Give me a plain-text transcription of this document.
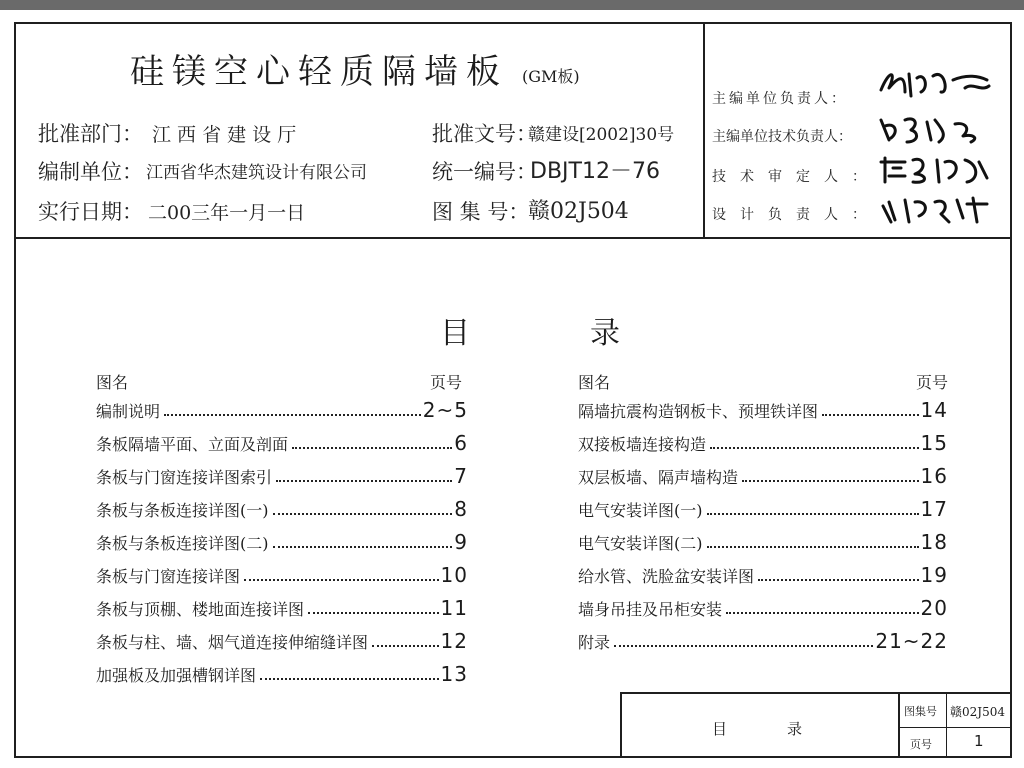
硅镁空心轻质隔墙板 (GM板)
批准部门： 江 西 省 建 设 厅
编制单位： 江西省华杰建筑设计有限公司
实行日期： 二00三年一月一日
批准文号：
赣建设[2002]30号
统一编号：
DBJT12－76
图 集 号：
赣02J504
主编单位负责人：
主编单位技术负责人：
技术审定人：
设计负责人：
目　　　　录
图名	页号	图名	页号
编制说明	2~5
条板隔墙平面、立面及剖面	6
条板与门窗连接详图索引	7
条板与条板连接详图(一)	8
条板与条板连接详图(二)	9
条板与门窗连接详图	10
条板与顶棚、楼地面连接详图	11
条板与柱、墙、烟气道连接伸缩缝详图	12
加强板及加强槽钢详图	13
隔墙抗震构造钢板卡、预埋铁详图	14
双接板墙连接构造	15
双层板墙、隔声墙构造	16
电气安装详图(一)	17
电气安装详图(二)	18
给水管、洗脸盆安装详图	19
墙身吊挂及吊柜安装	20
附录	21~22
目　　　　录
图集号 赣02J504
页号	1
